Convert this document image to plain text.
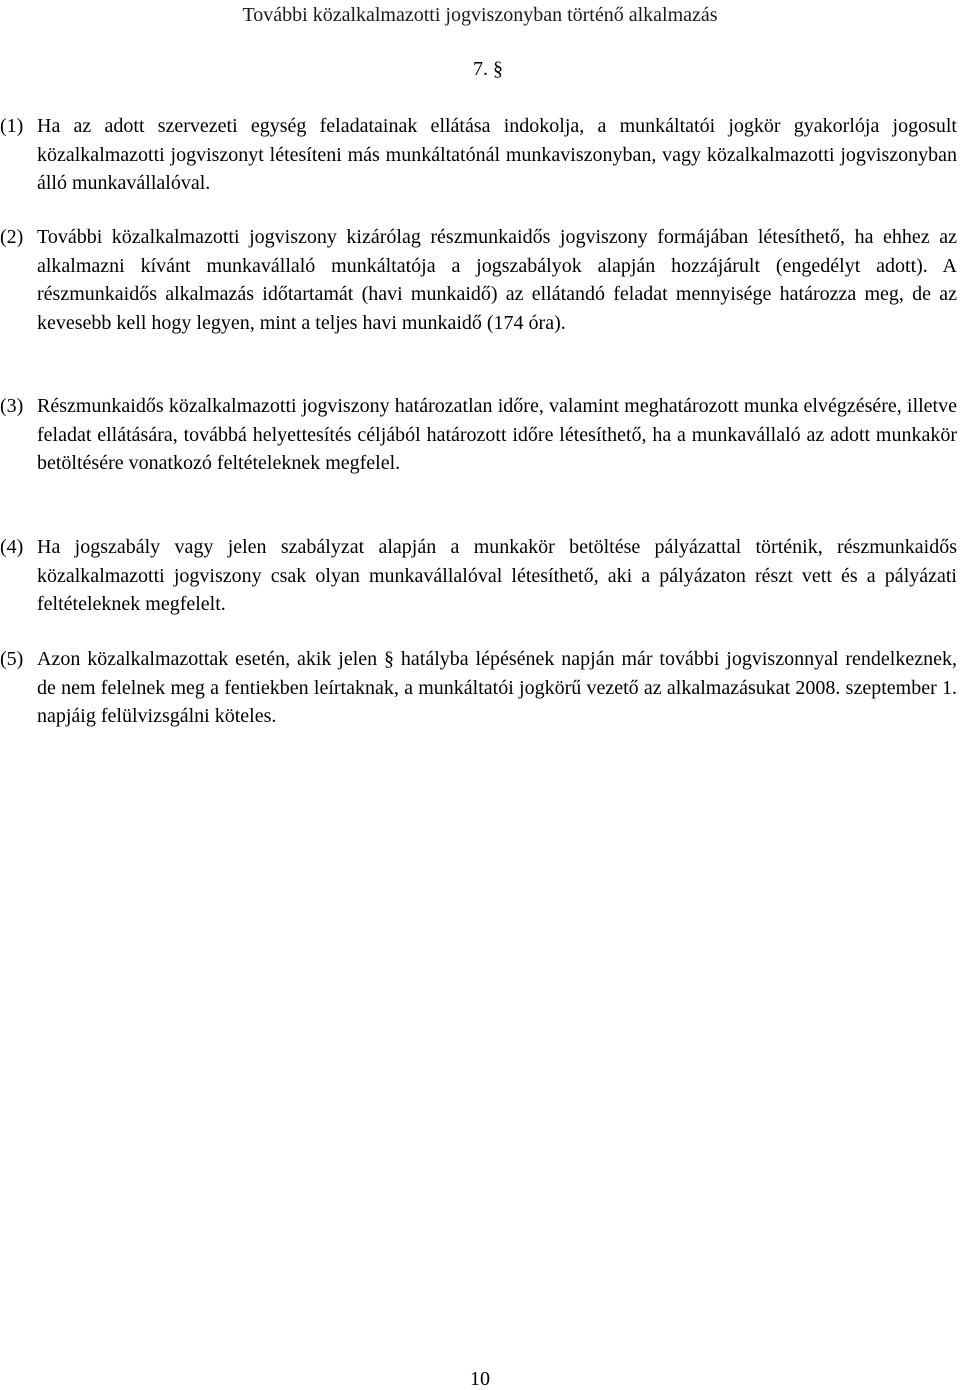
További közalkalmazotti jogviszonyban történő alkalmazás
7. §
(1) Ha az adott szervezeti egység feladatainak ellátása indokolja, a munkáltatói jogkör gyakorlója jogosult közalkalmazotti jogviszonyt létesíteni más munkáltatónál munkaviszonyban, vagy közalkalmazotti jogviszonyban álló munkavállalóval.
(2) További közalkalmazotti jogviszony kizárólag részmunkaidős jogviszony formájában létesíthető, ha ehhez az alkalmazni kívánt munkavállaló munkáltatója a jogszabályok alapján hozzájárult (engedélyt adott). A részmunkaidős alkalmazás időtartamát (havi munkaidő) az ellátandó feladat mennyisége határozza meg, de az kevesebb kell hogy legyen, mint a teljes havi munkaidő (174 óra).
(3) Részmunkaidős közalkalmazotti jogviszony határozatlan időre, valamint meghatározott munka elvégzésére, illetve feladat ellátására, továbbá helyettesítés céljából határozott időre létesíthető, ha a munkavállaló az adott munkakör betöltésére vonatkozó feltételeknek megfelel.
(4) Ha jogszabály vagy jelen szabályzat alapján a munkakör betöltése pályázattal történik, részmunkaidős közalkalmazotti jogviszony csak olyan munkavállalóval létesíthető, aki a pályázaton részt vett és a pályázati feltételeknek megfelelt.
(5) Azon közalkalmazottak esetén, akik jelen § hatályba lépésének napján már további jogviszonnyal rendelkeznek, de nem felelnek meg a fentiekben leírtaknak, a munkáltatói jogkörű vezető az alkalmazásukat 2008. szeptember 1. napjáig felülvizsgálni köteles.
10
